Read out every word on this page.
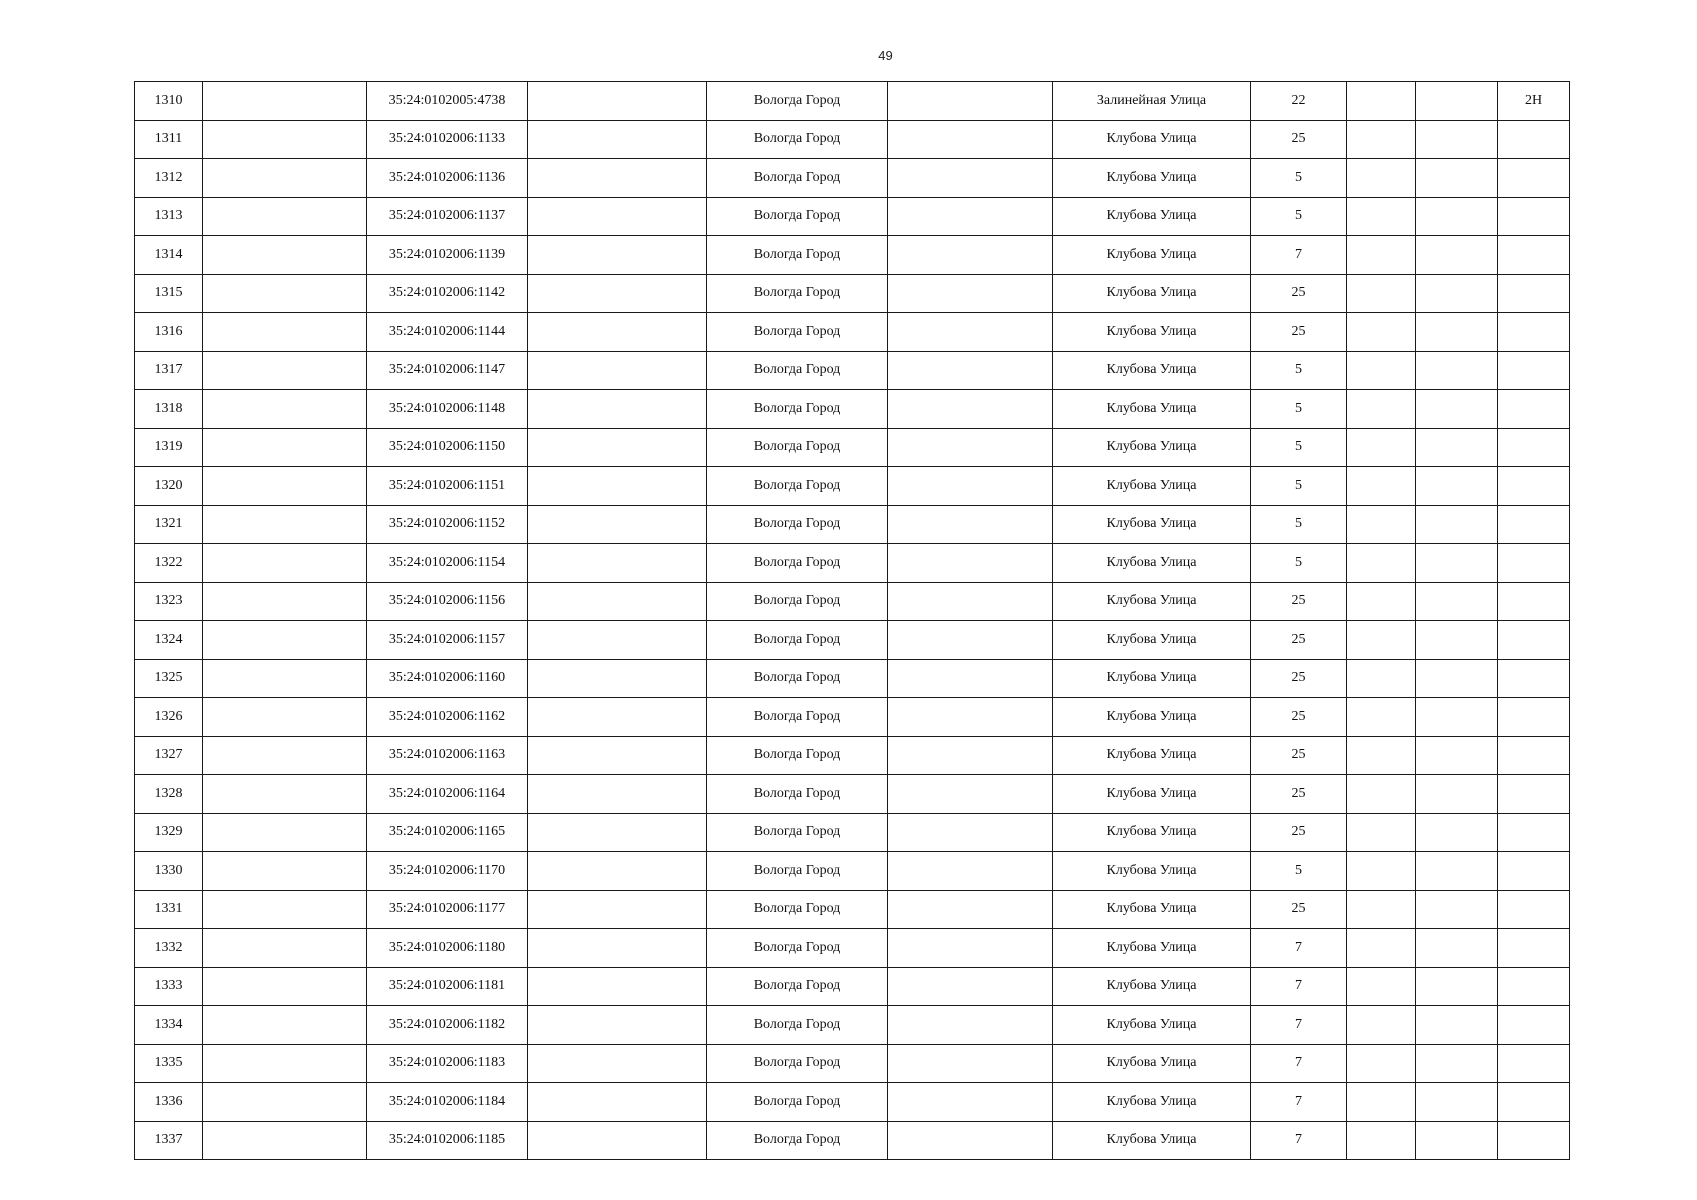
49
1310		35:24:0102005:4738		Вологда Город		Залинейная Улица	22			2Н
1311		35:24:0102006:1133		Вологда Город		Клубова Улица	25			
1312		35:24:0102006:1136		Вологда Город		Клубова Улица	5			
1313		35:24:0102006:1137		Вологда Город		Клубова Улица	5			
1314		35:24:0102006:1139		Вологда Город		Клубова Улица	7			
1315		35:24:0102006:1142		Вологда Город		Клубова Улица	25			
1316		35:24:0102006:1144		Вологда Город		Клубова Улица	25			
1317		35:24:0102006:1147		Вологда Город		Клубова Улица	5			
1318		35:24:0102006:1148		Вологда Город		Клубова Улица	5			
1319		35:24:0102006:1150		Вологда Город		Клубова Улица	5			
1320		35:24:0102006:1151		Вологда Город		Клубова Улица	5			
1321		35:24:0102006:1152		Вологда Город		Клубова Улица	5			
1322		35:24:0102006:1154		Вологда Город		Клубова Улица	5			
1323		35:24:0102006:1156		Вологда Город		Клубова Улица	25			
1324		35:24:0102006:1157		Вологда Город		Клубова Улица	25			
1325		35:24:0102006:1160		Вологда Город		Клубова Улица	25			
1326		35:24:0102006:1162		Вологда Город		Клубова Улица	25			
1327		35:24:0102006:1163		Вологда Город		Клубова Улица	25			
1328		35:24:0102006:1164		Вологда Город		Клубова Улица	25			
1329		35:24:0102006:1165		Вологда Город		Клубова Улица	25			
1330		35:24:0102006:1170		Вологда Город		Клубова Улица	5			
1331		35:24:0102006:1177		Вологда Город		Клубова Улица	25			
1332		35:24:0102006:1180		Вологда Город		Клубова Улица	7			
1333		35:24:0102006:1181		Вологда Город		Клубова Улица	7			
1334		35:24:0102006:1182		Вологда Город		Клубова Улица	7			
1335		35:24:0102006:1183		Вологда Город		Клубова Улица	7			
1336		35:24:0102006:1184		Вологда Город		Клубова Улица	7			
1337		35:24:0102006:1185		Вологда Город		Клубова Улица	7			
